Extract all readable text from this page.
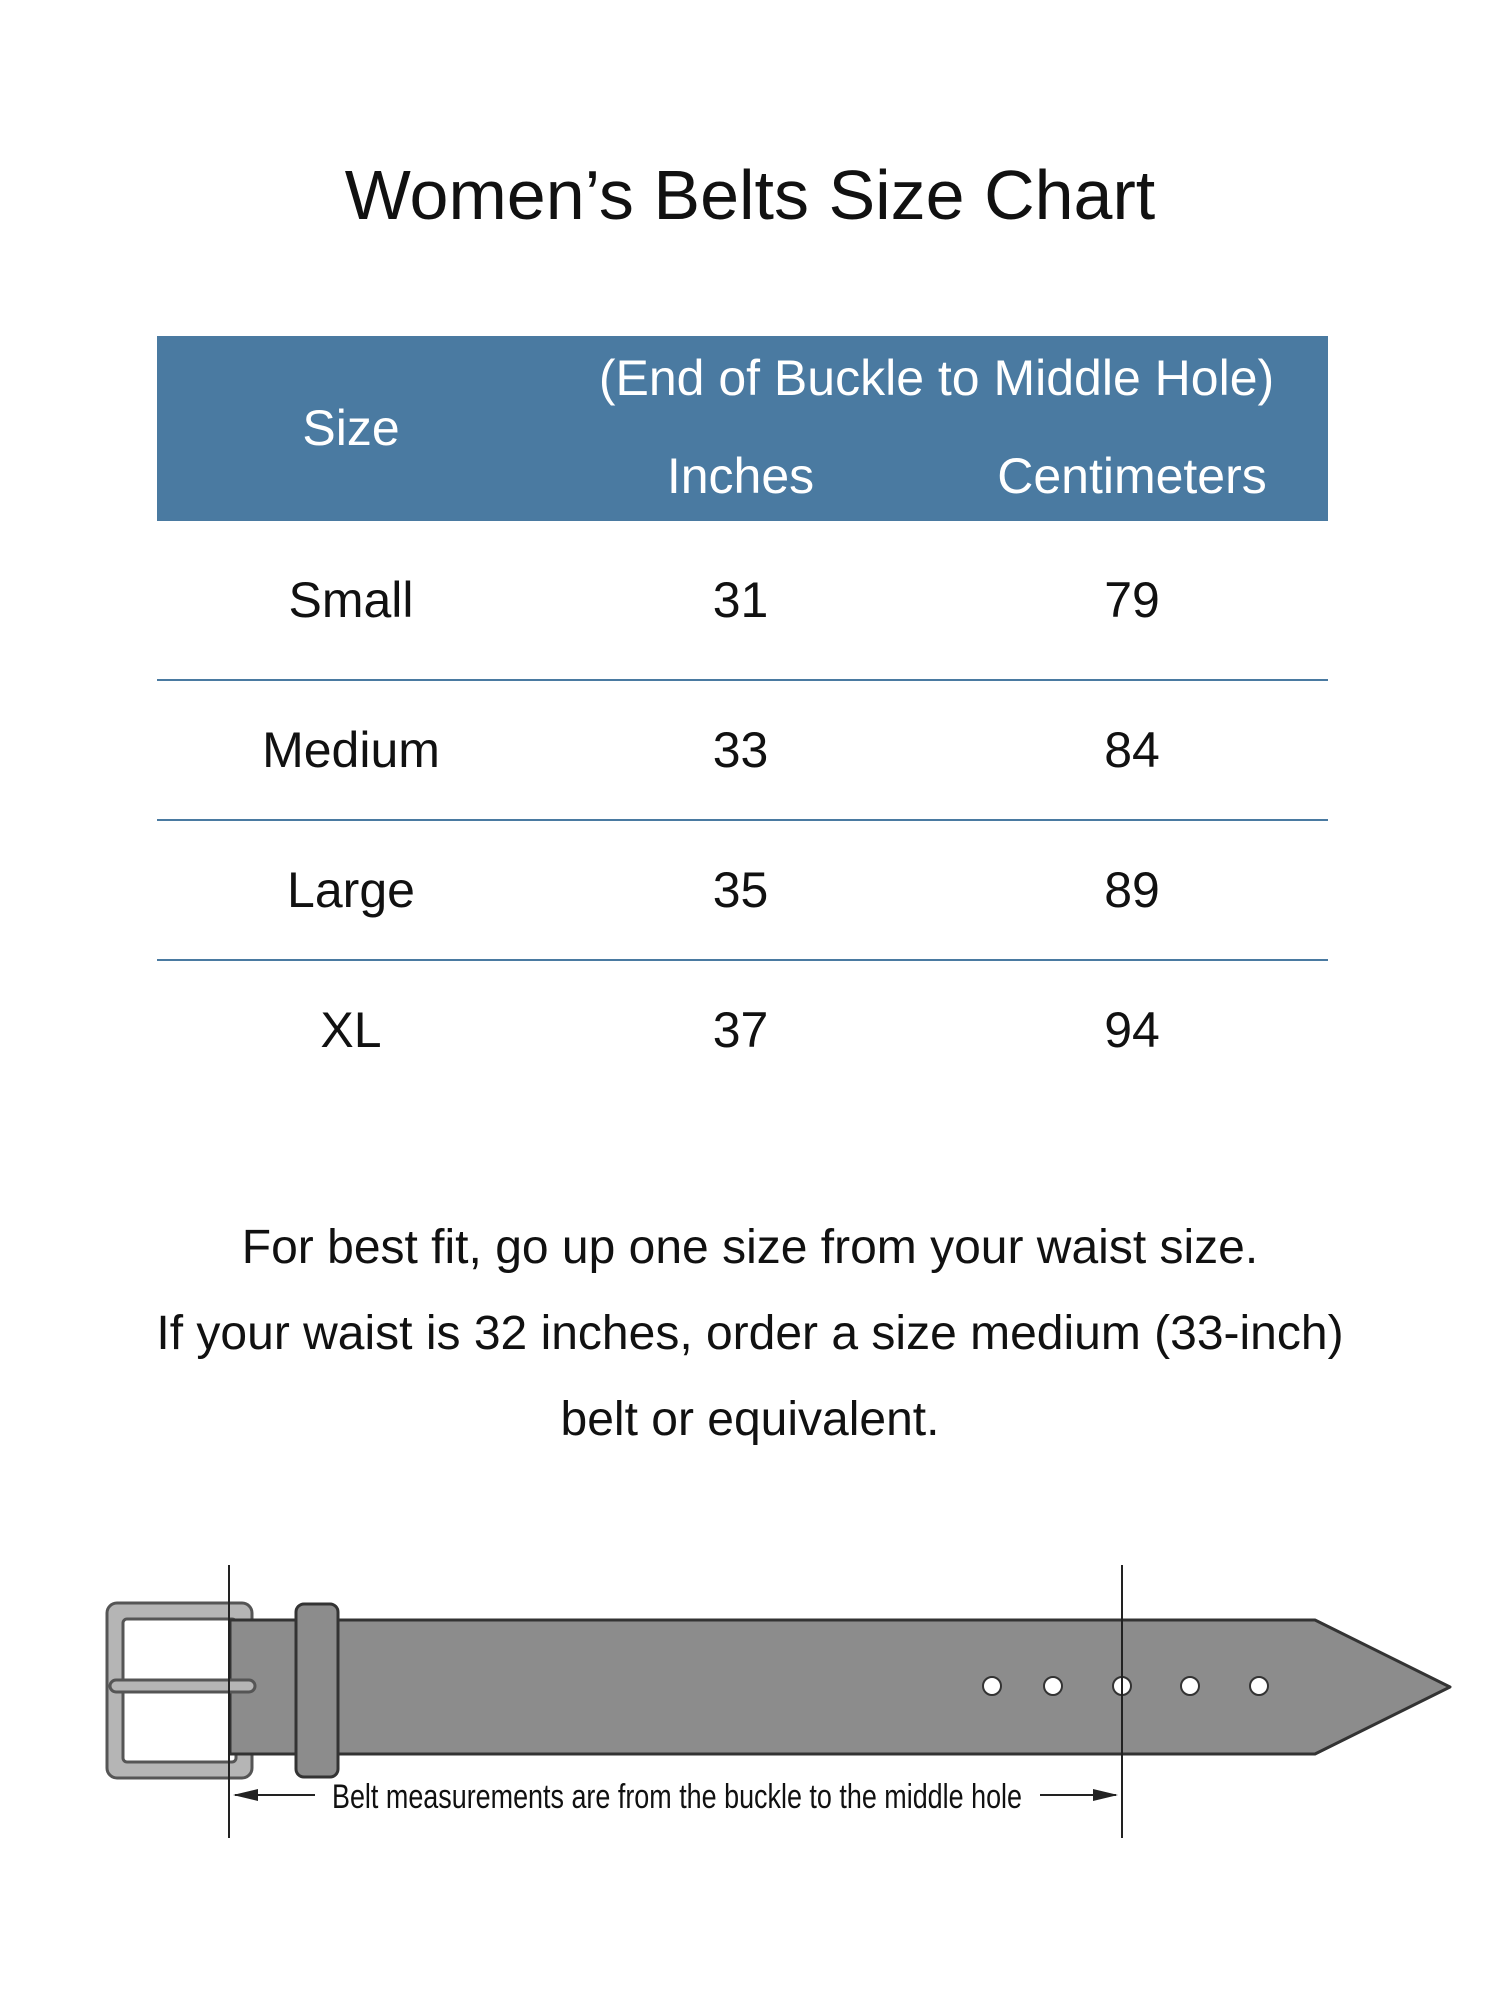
Women’s Belts Size Chart
Size
(End of Buckle to Middle Hole)
Inches	Centimeters
Small	31	79
Medium	33	84
Large	35	89
XL	37	94
For best fit, go up one size from your waist size.
If your waist is 32 inches, order a size medium (33-inch)
belt or equivalent.
Belt measurements are from the buckle to the middle hole
